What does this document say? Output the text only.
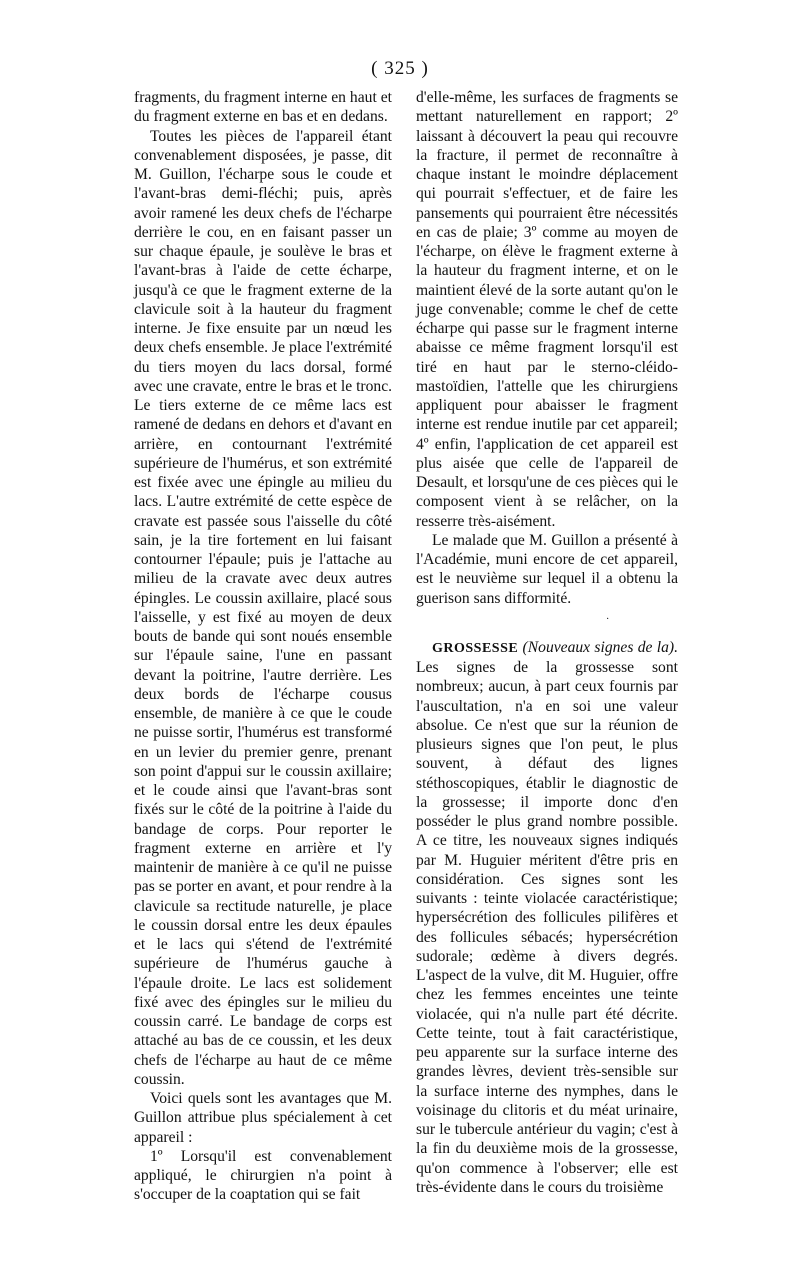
( 325 )

fragments, du fragment interne en haut et du fragment externe en bas et en dedans.

Toutes les pièces de l'appareil étant convenablement disposées, je passe, dit M. Guillon, l'écharpe sous le coude et l'avant-bras demi-fléchi; puis, après avoir ramené les deux chefs de l'écharpe derrière le cou, en en faisant passer un sur chaque épaule, je soulève le bras et l'avant-bras à l'aide de cette écharpe, jusqu'à ce que le fragment externe de la clavicule soit à la hauteur du fragment interne. Je fixe ensuite par un nœud les deux chefs ensemble. Je place l'extrémité du tiers moyen du lacs dorsal, formé avec une cravate, entre le bras et le tronc. Le tiers externe de ce même lacs est ramené de dedans en dehors et d'avant en arrière, en contournant l'extrémité supérieure de l'humérus, et son extrémité est fixée avec une épingle au milieu du lacs. L'autre extrémité de cette espèce de cravate est passée sous l'aisselle du côté sain, je la tire fortement en lui faisant contourner l'épaule; puis je l'attache au milieu de la cravate avec deux autres épingles. Le coussin axillaire, placé sous l'aisselle, y est fixé au moyen de deux bouts de bande qui sont noués ensemble sur l'épaule saine, l'une en passant devant la poitrine, l'autre derrière. Les deux bords de l'écharpe cousus ensemble, de manière à ce que le coude ne puisse sortir, l'humérus est transformé en un levier du premier genre, prenant son point d'appui sur le coussin axillaire; et le coude ainsi que l'avant-bras sont fixés sur le côté de la poitrine à l'aide du bandage de corps. Pour reporter le fragment externe en arrière et l'y maintenir de manière à ce qu'il ne puisse pas se porter en avant, et pour rendre à la clavicule sa rectitude naturelle, je place le coussin dorsal entre les deux épaules et le lacs qui s'étend de l'extrémité supérieure de l'humérus gauche à l'épaule droite. Le lacs est solidement fixé avec des épingles sur le milieu du coussin carré. Le bandage de corps est attaché au bas de ce coussin, et les deux chefs de l'écharpe au haut de ce même coussin.

Voici quels sont les avantages que M. Guillon attribue plus spécialement à cet appareil :

1º Lorsqu'il est convenablement appliqué, le chirurgien n'a point à s'occuper de la coaptation qui se fait

d'elle-même, les surfaces de fragments se mettant naturellement en rapport; 2º laissant à découvert la peau qui recouvre la fracture, il permet de reconnaître à chaque instant le moindre déplacement qui pourrait s'effectuer, et de faire les pansements qui pourraient être nécessités en cas de plaie; 3º comme au moyen de l'écharpe, on élève le fragment externe à la hauteur du fragment interne, et on le maintient élevé de la sorte autant qu'on le juge convenable; comme le chef de cette écharpe qui passe sur le fragment interne abaisse ce même fragment lorsqu'il est tiré en haut par le sterno-cléido-mastoïdien, l'attelle que les chirurgiens appliquent pour abaisser le fragment interne est rendue inutile par cet appareil; 4º enfin, l'application de cet appareil est plus aisée que celle de l'appareil de Desault, et lorsqu'une de ces pièces qui le composent vient à se relâcher, on la resserre très-aisément.

Le malade que M. Guillon a présenté à l'Académie, muni encore de cet appareil, est le neuvième sur lequel il a obtenu la guerison sans difformité.

·

GROSSESSE (Nouveaux signes de la). Les signes de la grossesse sont nombreux; aucun, à part ceux fournis par l'auscultation, n'a en soi une valeur absolue. Ce n'est que sur la réunion de plusieurs signes que l'on peut, le plus souvent, à défaut des lignes stéthoscopiques, établir le diagnostic de la grossesse; il importe donc d'en posséder le plus grand nombre possible. A ce titre, les nouveaux signes indiqués par M. Huguier méritent d'être pris en considération. Ces signes sont les suivants : teinte violacée caractéristique; hypersécrétion des follicules pilifères et des follicules sébacés; hypersécrétion sudorale; œdème à divers degrés. L'aspect de la vulve, dit M. Huguier, offre chez les femmes enceintes une teinte violacée, qui n'a nulle part été décrite. Cette teinte, tout à fait caractéristique, peu apparente sur la surface interne des grandes lèvres, devient très-sensible sur la surface interne des nymphes, dans le voisinage du clitoris et du méat urinaire, sur le tubercule antérieur du vagin; c'est à la fin du deuxième mois de la grossesse, qu'on commence à l'observer; elle est très-évidente dans le cours du troisième
